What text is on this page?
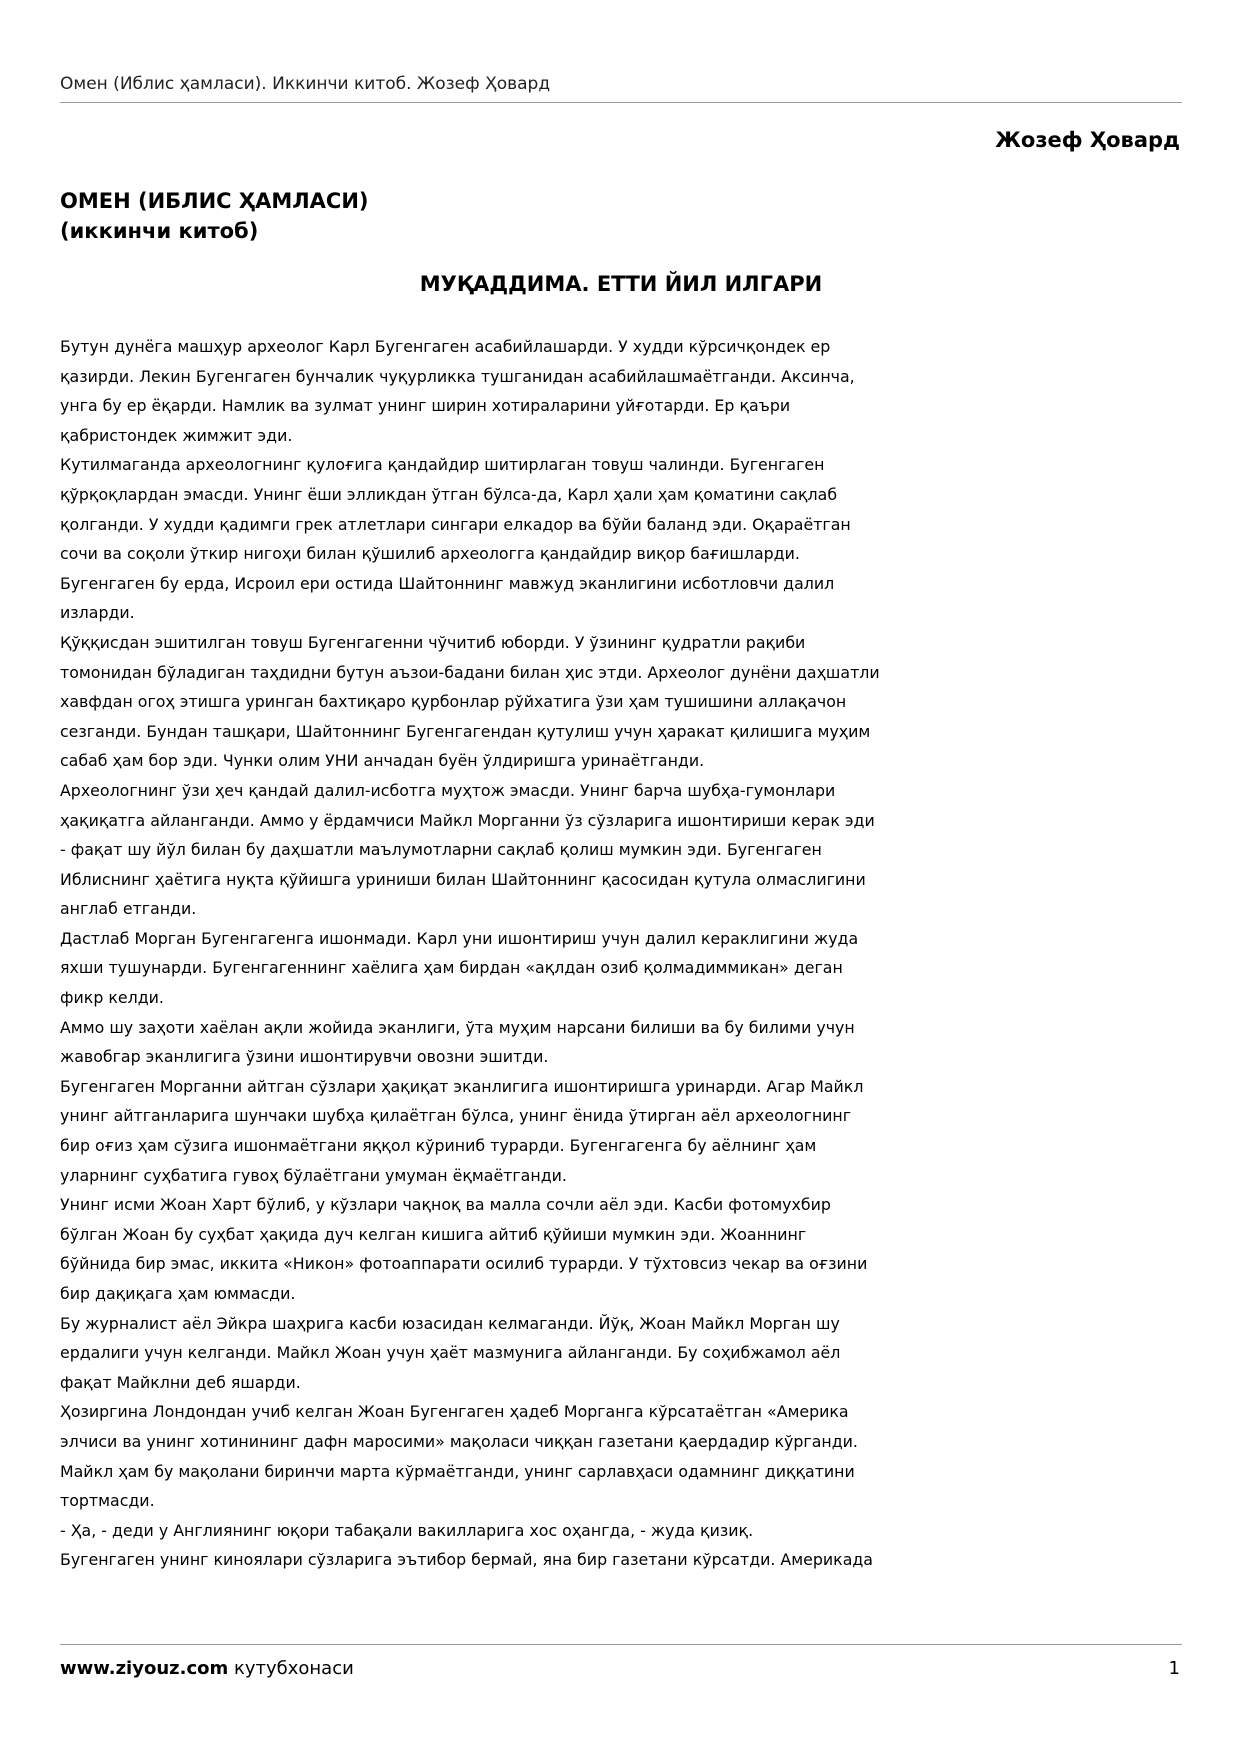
Омен (Иблис ҳамласи). Иккинчи китоб. Жозеф Ҳовард
Жозеф Ҳовард
ОМЕН (ИБЛИС ҲАМЛАСИ)
(иккинчи китоб)
МУҚАДДИМА. ЕТТИ ЙИЛ ИЛГАРИ
Бутун дунёга машҳур археолог Карл Бугенгаген асабийлашарди. У худди кўрсичқондек ер
қазирди. Лекин Бугенгаген бунчалик чуқурликка тушганидан асабийлашмаётганди. Аксинча,
унга бу ер ёқарди. Намлик ва зулмат унинг ширин хотираларини уйғотарди. Ер қаъри
қабристондек жимжит эди.
Кутилмаганда археологнинг қулоғига қандайдир шитирлаган товуш чалинди. Бугенгаген
қўрқоқлардан эмасди. Унинг ёши элликдан ўтган бўлса-да, Карл ҳали ҳам қоматини сақлаб
қолганди. У худди қадимги грек атлетлари сингари елкадор ва бўйи баланд эди. Оқараётган
сочи ва соқоли ўткир нигоҳи билан қўшилиб археологга қандайдир виқор бағишларди.
Бугенгаген бу ерда, Исроил ери остида Шайтоннинг мавжуд эканлигини исботловчи далил
изларди.
Қўққисдан эшитилган товуш Бугенгагенни чўчитиб юборди. У ўзининг қудратли рақиби
томонидан бўладиган таҳдидни бутун аъзои-бадани билан ҳис этди. Археолог дунёни даҳшатли
хавфдан огоҳ этишга уринган бахтиқаро қурбонлар рўйхатига ўзи ҳам тушишини аллақачон
сезганди. Бундан ташқари, Шайтоннинг Бугенгагендан қутулиш учун ҳаракат қилишига муҳим
сабаб ҳам бор эди. Чунки олим УНИ анчадан буён ўлдиришга уринаётганди.
Археологнинг ўзи ҳеч қандай далил-исботга муҳтож эмасди. Унинг барча шубҳа-гумонлари
ҳақиқатга айланганди. Аммо у ёрдамчиси Майкл Морганни ўз сўзларига ишонтириши керак эди
- фақат шу йўл билан бу даҳшатли маълумотларни сақлаб қолиш мумкин эди. Бугенгаген
Иблиснинг ҳаётига нуқта қўйишга уриниши билан Шайтоннинг қасосидан қутула олмаслигини
англаб етганди.
Дастлаб Морган Бугенгагенга ишонмади. Карл уни ишонтириш учун далил кераклигини жуда
яхши тушунарди. Бугенгагеннинг хаёлига ҳам бирдан «ақлдан озиб қолмадиммикан» деган
фикр келди.
Аммо шу заҳоти хаёлан ақли жойида эканлиги, ўта муҳим нарсани билиши ва бу билими учун
жавобгар эканлигига ўзини ишонтирувчи овозни эшитди.
Бугенгаген Морганни айтган сўзлари ҳақиқат эканлигига ишонтиришга уринарди. Агар Майкл
унинг айтганларига шунчаки шубҳа қилаётган бўлса, унинг ёнида ўтирган аёл археологнинг
бир оғиз ҳам сўзига ишонмаётгани яққол кўриниб турарди. Бугенгагенга бу аёлнинг ҳам
уларнинг суҳбатига гувоҳ бўлаётгани умуман ёқмаётганди.
Унинг исми Жоан Харт бўлиб, у кўзлари чақноқ ва малла сочли аёл эди. Касби фотомухбир
бўлган Жоан бу суҳбат ҳақида дуч келган кишига айтиб қўйиши мумкин эди. Жоаннинг
бўйнида бир эмас, иккита «Никон» фотоаппарати осилиб турарди. У тўхтовсиз чекар ва оғзини
бир дақиқага ҳам юммасди.
Бу журналист аёл Эйкра шаҳрига касби юзасидан келмаганди. Йўқ, Жоан Майкл Морган шу
ердалиги учун келганди. Майкл Жоан учун ҳаёт мазмунига айланганди. Бу соҳибжамол аёл
фақат Майклни деб яшарди.
Ҳозиргина Лондондан учиб келган Жоан Бугенгаген ҳадеб Морганга кўрсатаётган «Америка
элчиси ва унинг хотинининг дафн маросими» мақоласи чиққан газетани қаердадир кўрганди.
Майкл ҳам бу мақолани биринчи марта кўрмаётганди, унинг сарлавҳаси одамнинг диққатини
тортмасди.
- Ҳа, - деди у Англиянинг юқори табақали вакилларига хос оҳангда, - жуда қизиқ.
Бугенгаген унинг киноялари сўзларига эътибор бермай, яна бир газетани кўрсатди. Америкада
www.ziyouz.com кутубхонаси	1
